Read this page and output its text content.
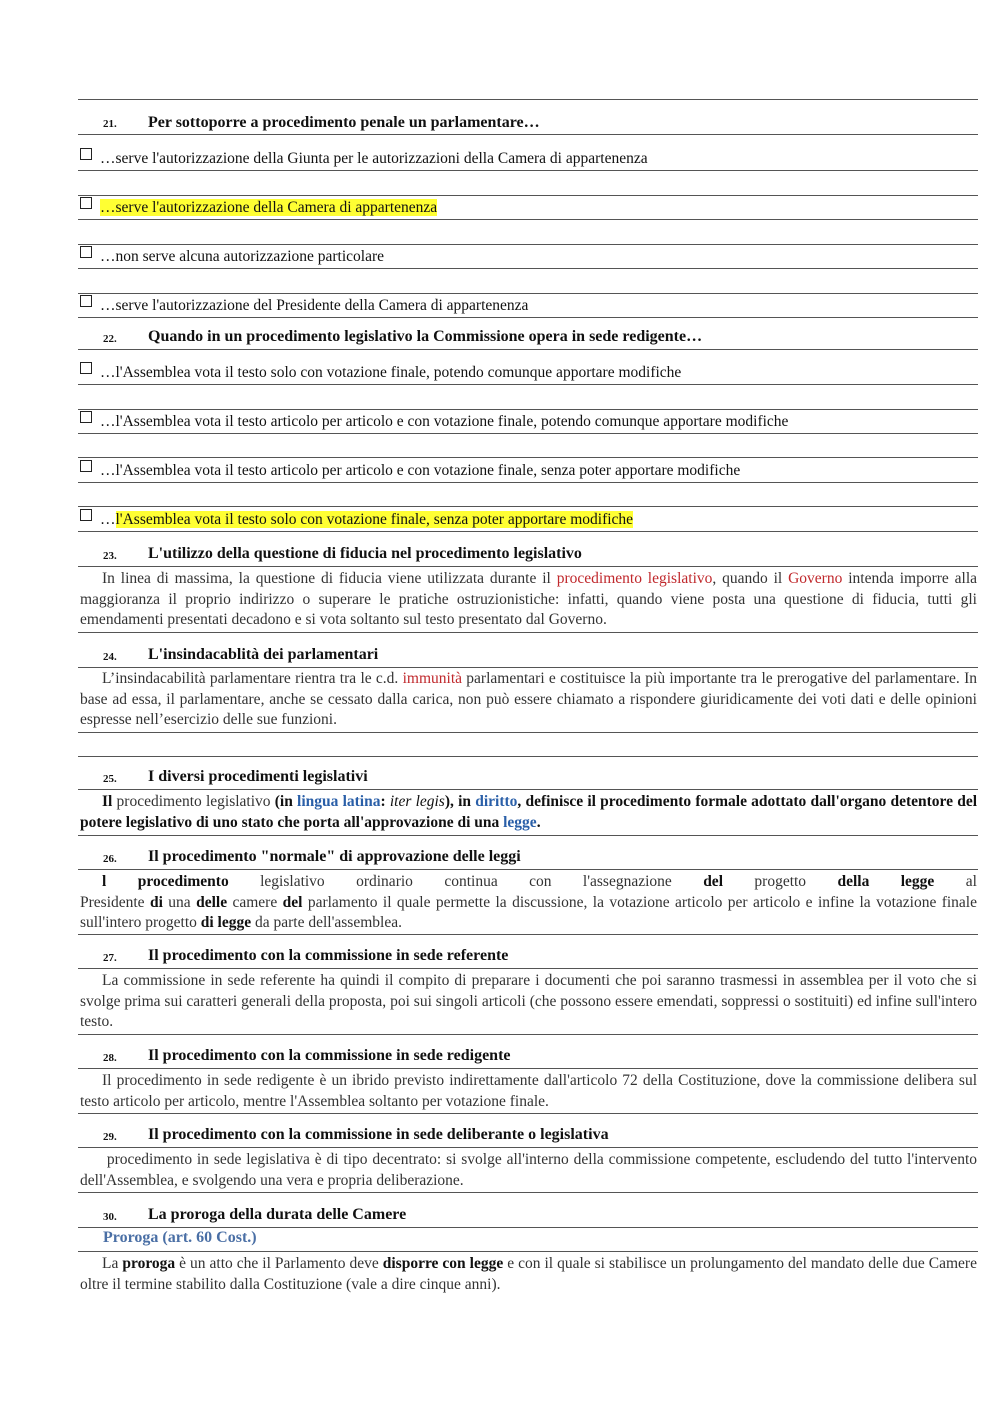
21. Per sottoporre a procedimento penale un parlamentare…
…serve l'autorizzazione della Giunta per le autorizzazioni della Camera di appartenenza
…serve l'autorizzazione della Camera di appartenenza
…non serve alcuna autorizzazione particolare
…serve l'autorizzazione del Presidente della Camera di appartenenza
22. Quando in un procedimento legislativo la Commissione opera in sede redigente…
…l'Assemblea vota il testo solo con votazione finale, potendo comunque apportare modifiche
…l'Assemblea vota il testo articolo per articolo e con votazione finale, potendo comunque apportare modifiche
…l'Assemblea vota il testo articolo per articolo e con votazione finale, senza poter apportare modifiche
…l'Assemblea vota il testo solo con votazione finale, senza poter apportare modifiche
23. L'utilizzo della questione di fiducia nel procedimento legislativo
In linea di massima, la questione di fiducia viene utilizzata durante il procedimento legislativo, quando il Governo intenda imporre alla maggioranza il proprio indirizzo o superare le pratiche ostruzionistiche: infatti, quando viene posta una questione di fiducia, tutti gli emendamenti presentati decadono e si vota soltanto sul testo presentato dal Governo.
24. L'insindacablità dei parlamentari
L’insindacabilità parlamentare rientra tra le c.d. immunità parlamentari e costituisce la più importante tra le prerogative del parlamentare. In base ad essa, il parlamentare, anche se cessato dalla carica, non può essere chiamato a rispondere giuridicamente dei voti dati e delle opinioni espresse nell’esercizio delle sue funzioni.
25. I diversi procedimenti legislativi
Il procedimento legislativo (in lingua latina: iter legis), in diritto, definisce il procedimento formale adottato dall'organo detentore del potere legislativo di uno stato che porta all'approvazione di una legge.
26. Il procedimento "normale" di approvazione delle leggi
l procedimento legislativo ordinario continua con l'assegnazione del progetto della legge al
Presidente di una delle camere del parlamento il quale permette la discussione, la votazione articolo per articolo e infine la votazione finale sull'intero progetto di legge da parte dell'assemblea.
27. Il procedimento con la commissione in sede referente
La commissione in sede referente ha quindi il compito di preparare i documenti che poi saranno trasmessi in assemblea per il voto che si svolge prima sui caratteri generali della proposta, poi sui singoli articoli (che possono essere emendati, soppressi o sostituiti) ed infine sull'intero testo.
28. Il procedimento con la commissione in sede redigente
Il procedimento in sede redigente è un ibrido previsto indirettamente dall'articolo 72 della Costituzione, dove la commissione delibera sul testo articolo per articolo, mentre l'Assemblea soltanto per votazione finale.
29. Il procedimento con la commissione in sede deliberante o legislativa
procedimento in sede legislativa è di tipo decentrato: si svolge all'interno della commissione competente, escludendo del tutto l'intervento dell'Assemblea, e svolgendo una vera e propria deliberazione.
30. La proroga della durata delle Camere
Proroga (art. 60 Cost.)
La proroga è un atto che il Parlamento deve disporre con legge e con il quale si stabilisce un prolungamento del mandato delle due Camere oltre il termine stabilito dalla Costituzione (vale a dire cinque anni).
